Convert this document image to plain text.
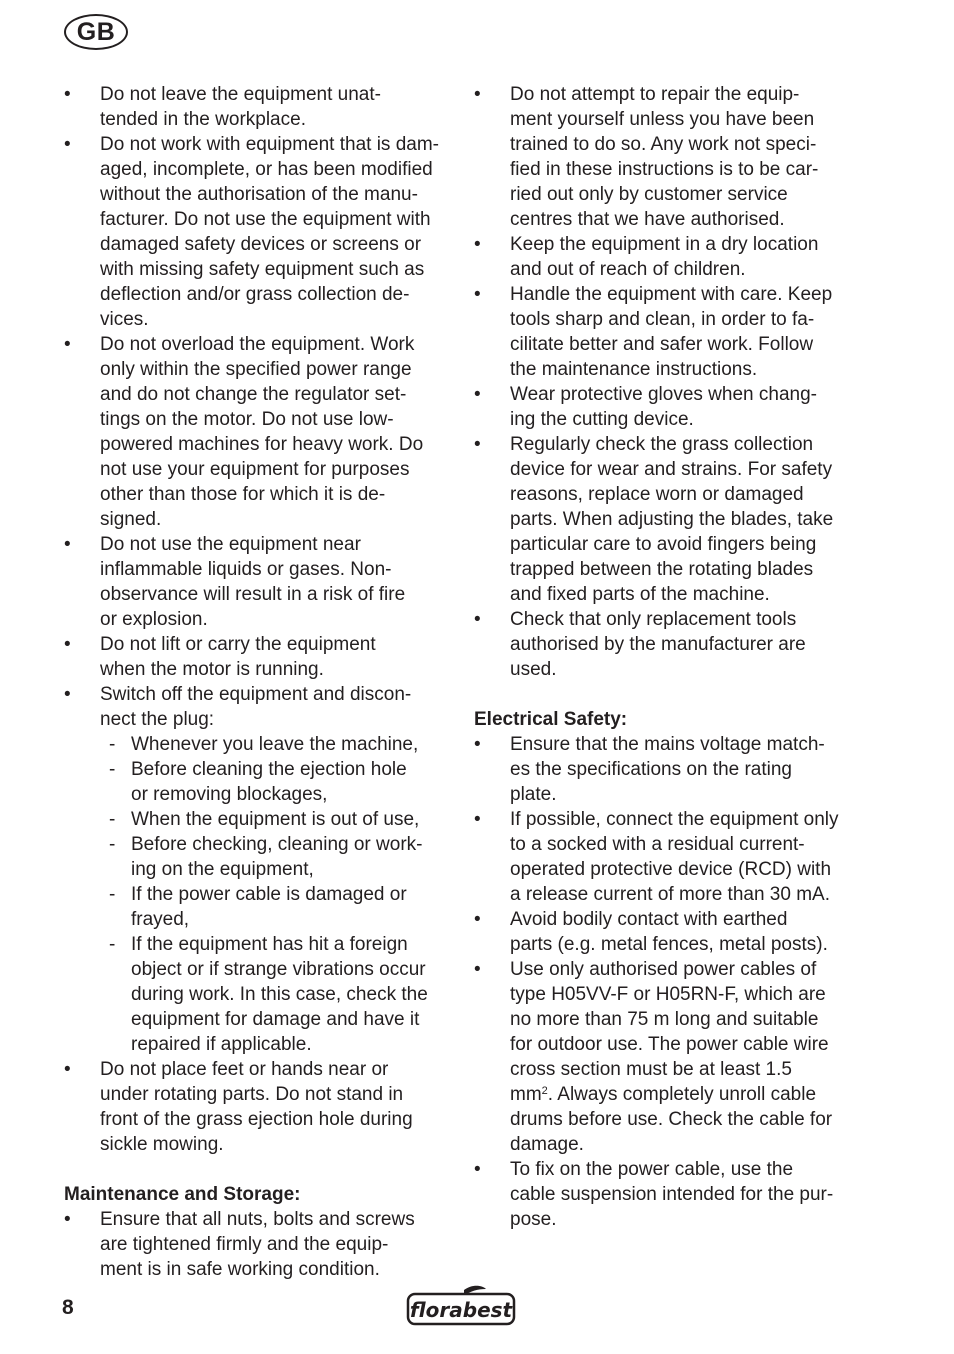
GB
• Do not leave the equipment unat-
tended in the workplace.
• Do not work with equipment that is dam-
aged, incomplete, or has been modified
without the authorisation of the manu-
facturer. Do not use the equipment with
damaged safety devices or screens or
with missing safety equipment such as
deflection and/or grass collection de-
vices.
• Do not overload the equipment. Work
only within the specified power range
and do not change the regulator set-
tings on the motor. Do not use low-
powered machines for heavy work. Do
not use your equipment for purposes
other than those for which it is de-
signed.
• Do not use the equipment near
inflammable liquids or gases. Non-
observance will result in a risk of fire
or explosion.
• Do not lift or carry the equipment
when the motor is running.
• Switch off the equipment and discon-
nect the plug:
- Whenever you leave the machine,
- Before cleaning the ejection hole
or removing blockages,
- When the equipment is out of use,
- Before checking, cleaning or work-
ing on the equipment,
- If the power cable is damaged or
frayed,
- If the equipment has hit a foreign
object or if strange vibrations occur
during work. In this case, check the
equipment for damage and have it
repaired if applicable.
• Do not place feet or hands near or
under rotating parts. Do not stand in
front of the grass ejection hole during
sickle mowing.
Maintenance and Storage:
• Ensure that all nuts, bolts and screws
are tightened firmly and the equip-
ment is in safe working condition.
• Do not attempt to repair the equip-
ment yourself unless you have been
trained to do so. Any work not speci-
fied in these instructions is to be car-
ried out only by customer service
centres that we have authorised.
• Keep the equipment in a dry location
and out of reach of children.
• Handle the equipment with care. Keep
tools sharp and clean, in order to fa-
cilitate better and safer work. Follow
the maintenance instructions.
• Wear protective gloves when chang-
ing the cutting device.
• Regularly check the grass collection
device for wear and strains. For safety
reasons, replace worn or damaged
parts. When adjusting the blades, take
particular care to avoid fingers being
trapped between the rotating blades
and fixed parts of the machine.
• Check that only replacement tools
authorised by the manufacturer are
used.
Electrical Safety:
• Ensure that the mains voltage match-
es the specifications on the rating
plate.
• If possible, connect the equipment only
to a socked with a residual current-
operated protective device (RCD) with
a release current of more than 30 mA.
• Avoid bodily contact with earthed
parts (e.g. metal fences, metal posts).
• Use only authorised power cables of
type H05VV-F or H05RN-F, which are
no more than 75 m long and suitable
for outdoor use. The power cable wire
cross section must be at least 1.5
$mm^2$. Always completely unroll cable
drums before use. Check the cable for
damage.
• To fix on the power cable, use the
cable suspension intended for the pur-
pose.
8	florabest
